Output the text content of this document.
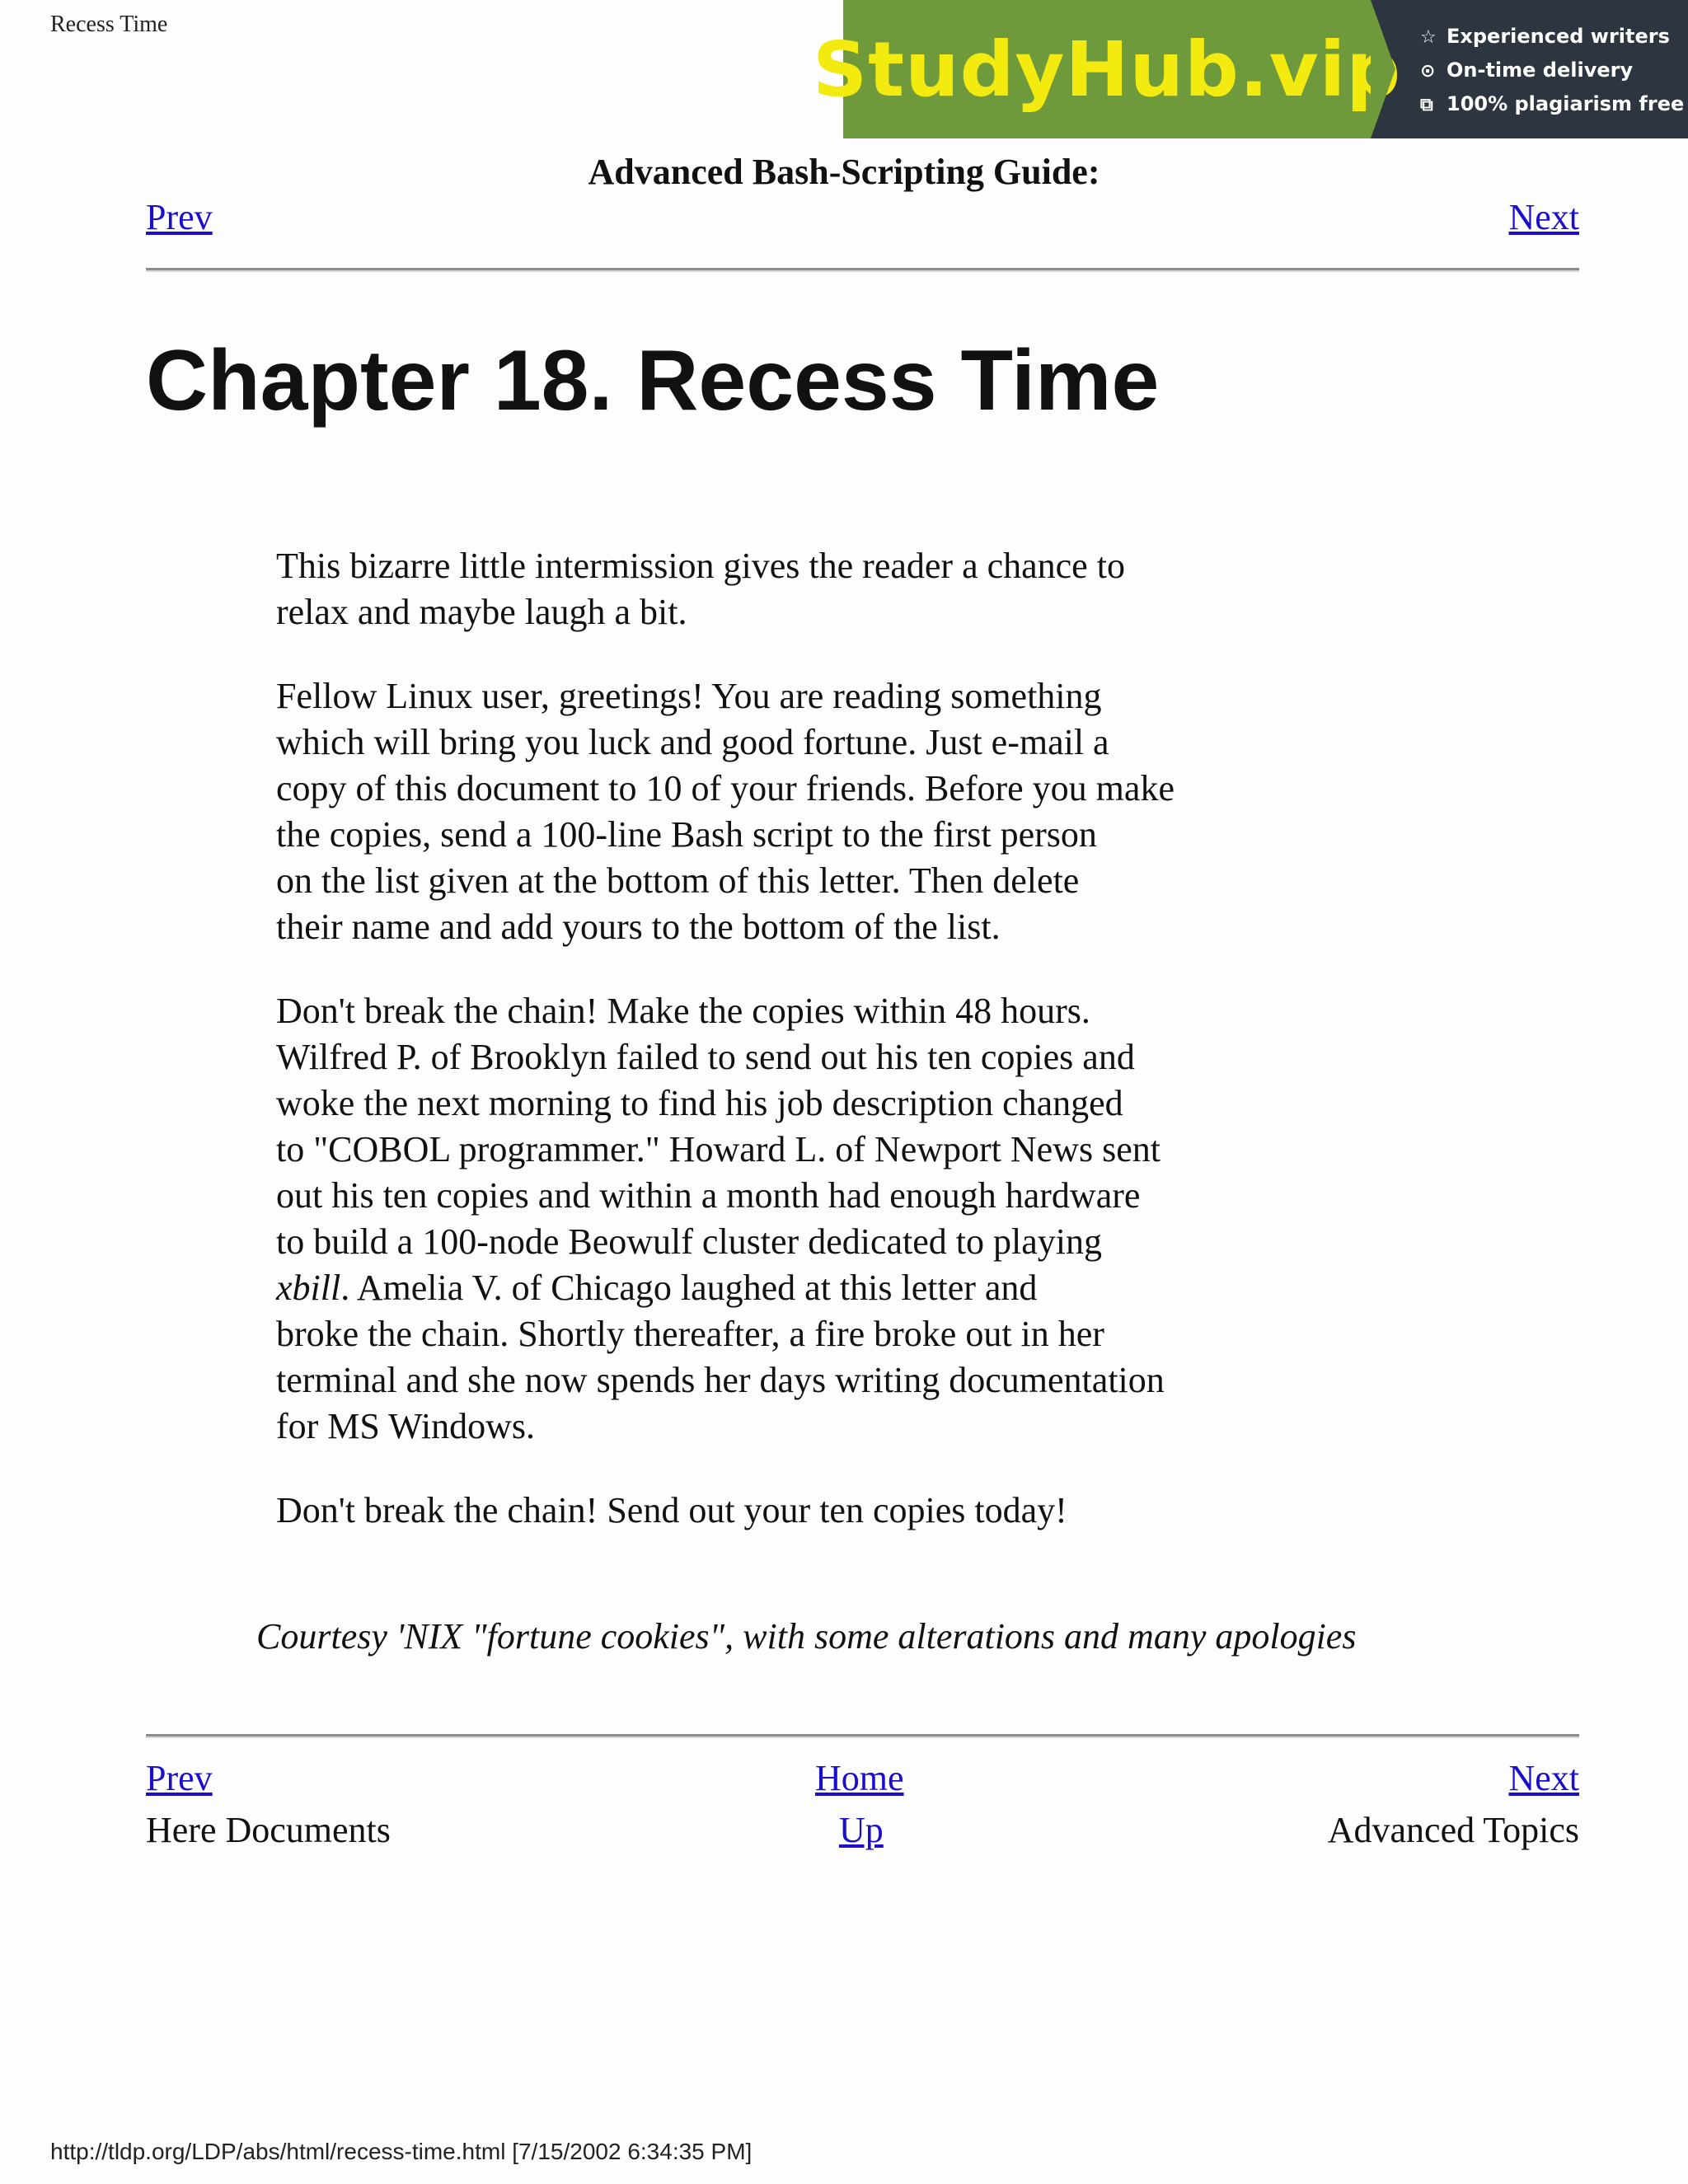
Recess Time
StudyHub.vip ☆ Experienced writers
⊙ On-time delivery
⧉ 100% plagiarism free
Advanced Bash-Scripting Guide:
Prev	Next
Chapter 18. Recess Time

This bizarre little intermission gives the reader a chance to
relax and maybe laugh a bit.

Fellow Linux user, greetings! You are reading something
which will bring you luck and good fortune. Just e-mail a
copy of this document to 10 of your friends. Before you make
the copies, send a 100-line Bash script to the first person
on the list given at the bottom of this letter. Then delete
their name and add yours to the bottom of the list.

Don't break the chain! Make the copies within 48 hours.
Wilfred P. of Brooklyn failed to send out his ten copies and
woke the next morning to find his job description changed
to "COBOL programmer." Howard L. of Newport News sent
out his ten copies and within a month had enough hardware
to build a 100-node Beowulf cluster dedicated to playing
xbill. Amelia V. of Chicago laughed at this letter and
broke the chain. Shortly thereafter, a fire broke out in her
terminal and she now spends her days writing documentation
for MS Windows.

Don't break the chain! Send out your ten copies today!

Courtesy 'NIX "fortune cookies", with some alterations and many apologies
Prev	Home	Next
Here Documents	Up	Advanced Topics
http://tldp.org/LDP/abs/html/recess-time.html [7/15/2002 6:34:35 PM]
